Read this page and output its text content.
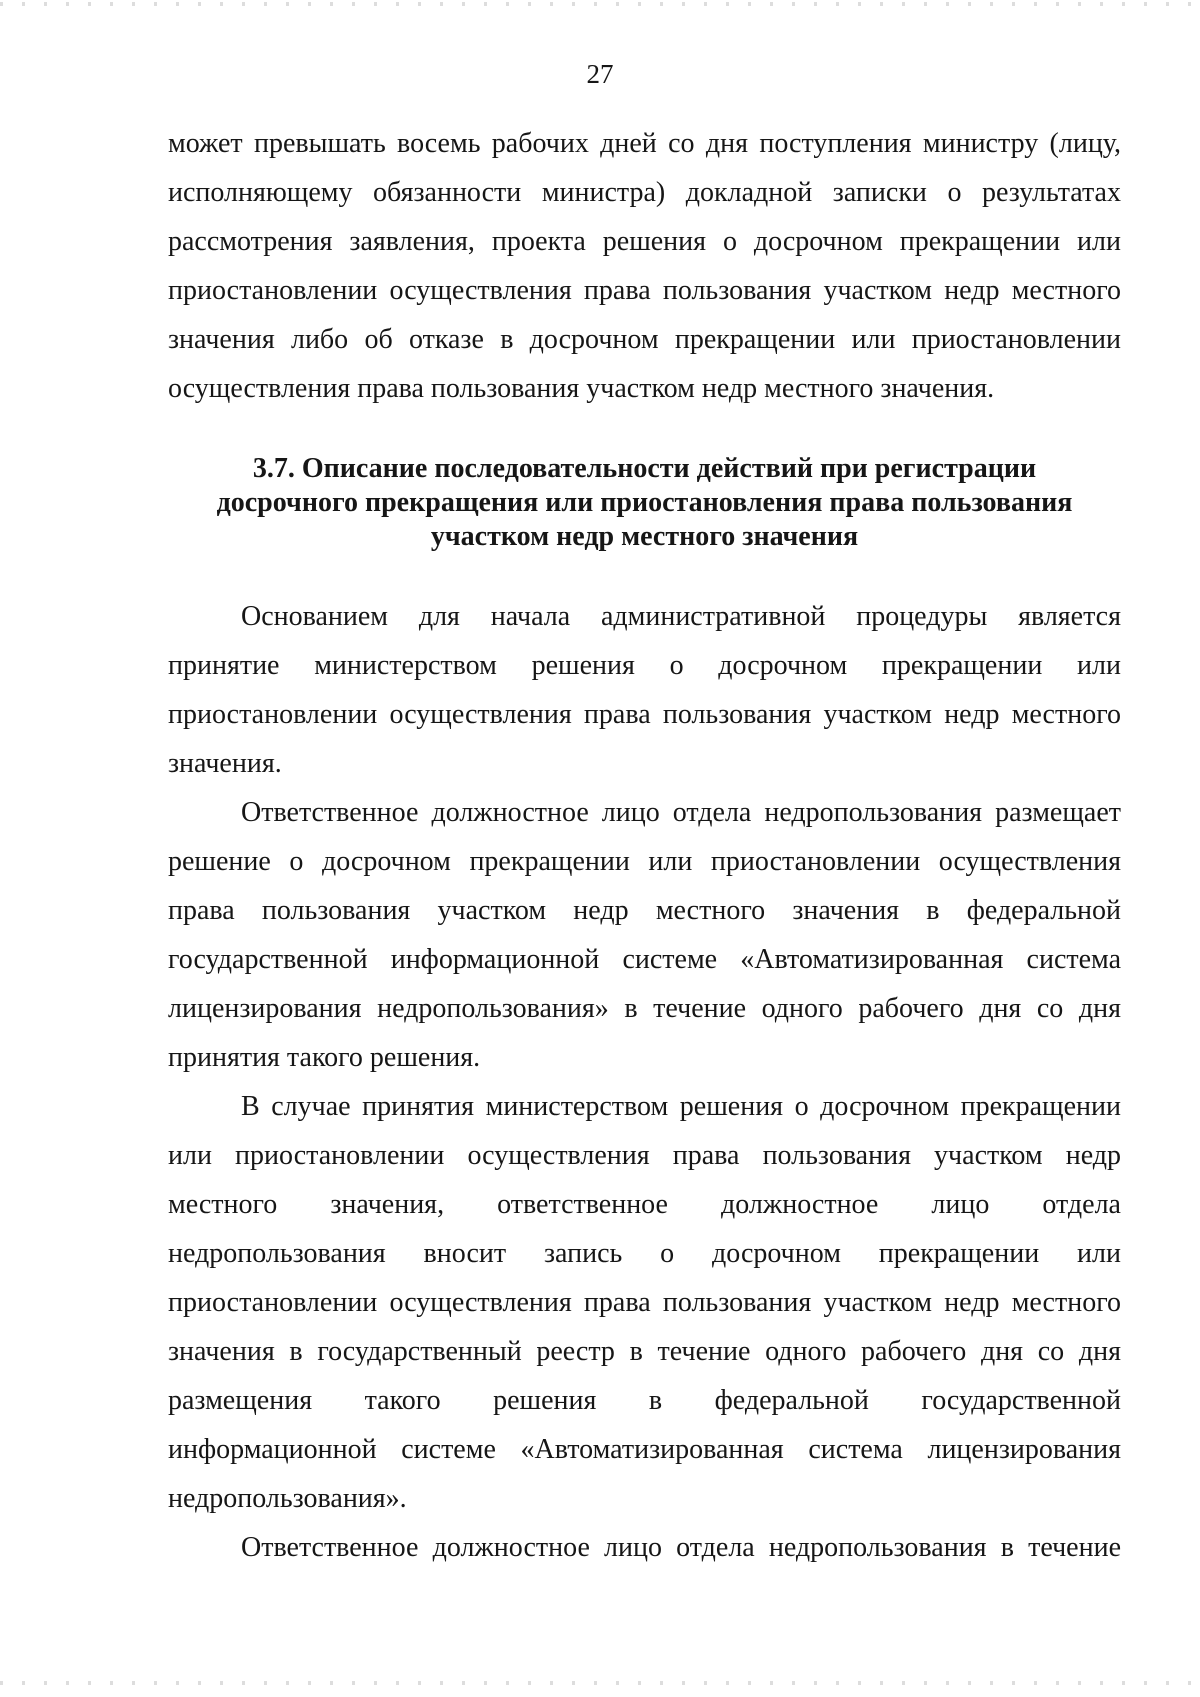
27
может превышать восемь рабочих дней со дня поступления министру (лицу,
исполняющему обязанности министра) докладной записки о результатах
рассмотрения заявления, проекта решения о досрочном прекращении или
приостановлении осуществления права пользования участком недр местного
значения либо об отказе в досрочном прекращении или приостановлении
осуществления права пользования участком недр местного значения.
3.7. Описание последовательности действий при регистрации
досрочного прекращения или приостановления права пользования
участком недр местного значения
Основанием для начала административной процедуры является
принятие министерством решения о досрочном прекращении или
приостановлении осуществления права пользования участком недр местного
значения.
Ответственное должностное лицо отдела недропользования размещает
решение о досрочном прекращении или приостановлении осуществления
права пользования участком недр местного значения в федеральной
государственной информационной системе «Автоматизированная система
лицензирования недропользования» в течение одного рабочего дня со дня
принятия такого решения.
В случае принятия министерством решения о досрочном прекращении
или приостановлении осуществления права пользования участком недр
местного значения, ответственное должностное лицо отдела
недропользования вносит запись о досрочном прекращении или
приостановлении осуществления права пользования участком недр местного
значения в государственный реестр в течение одного рабочего дня со дня
размещения такого решения в федеральной государственной
информационной системе «Автоматизированная система лицензирования
недропользования».
Ответственное должностное лицо отдела недропользования в течение
